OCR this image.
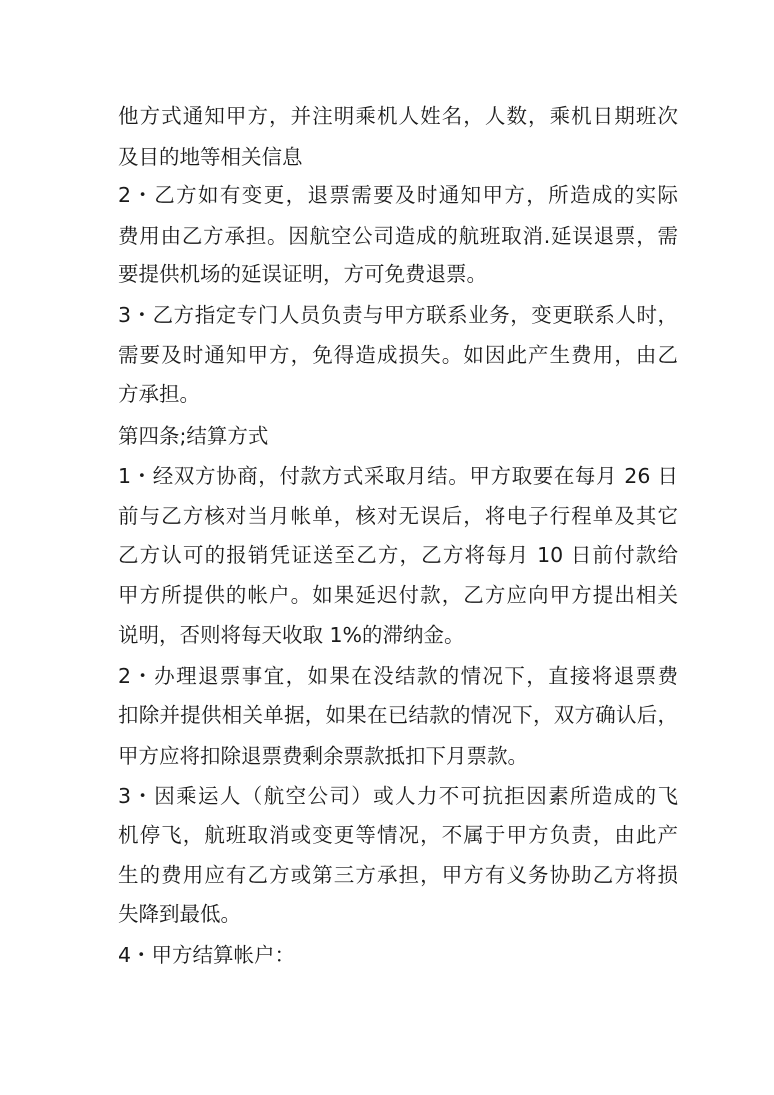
他方式通知甲方，并注明乘机人姓名，人数，乘机日期班次

及目的地等相关信息

2・乙方如有变更，退票需要及时通知甲方，所造成的实际

费用由乙方承担。因航空公司造成的航班取消.延误退票，需

要提供机场的延误证明，方可免费退票。

3・乙方指定专门人员负责与甲方联系业务，变更联系人时，

需要及时通知甲方，免得造成损失。如因此产生费用，由乙

方承担。

第四条;结算方式

1・经双方协商，付款方式采取月结。甲方取要在每月 26 日

前与乙方核对当月帐单，核对无误后，将电子行程单及其它

乙方认可的报销凭证送至乙方，乙方将每月 10 日前付款给

甲方所提供的帐户。如果延迟付款，乙方应向甲方提出相关

说明，否则将每天收取 1%的滞纳金。

2・办理退票事宜，如果在没结款的情况下，直接将退票费

扣除并提供相关单据，如果在已结款的情况下，双方确认后，

甲方应将扣除退票费剩余票款抵扣下月票款。

3・因乘运人（航空公司）或人力不可抗拒因素所造成的飞

机停飞，航班取消或变更等情况，不属于甲方负责，由此产

生的费用应有乙方或第三方承担，甲方有义务协助乙方将损

失降到最低。

4・甲方结算帐户：
